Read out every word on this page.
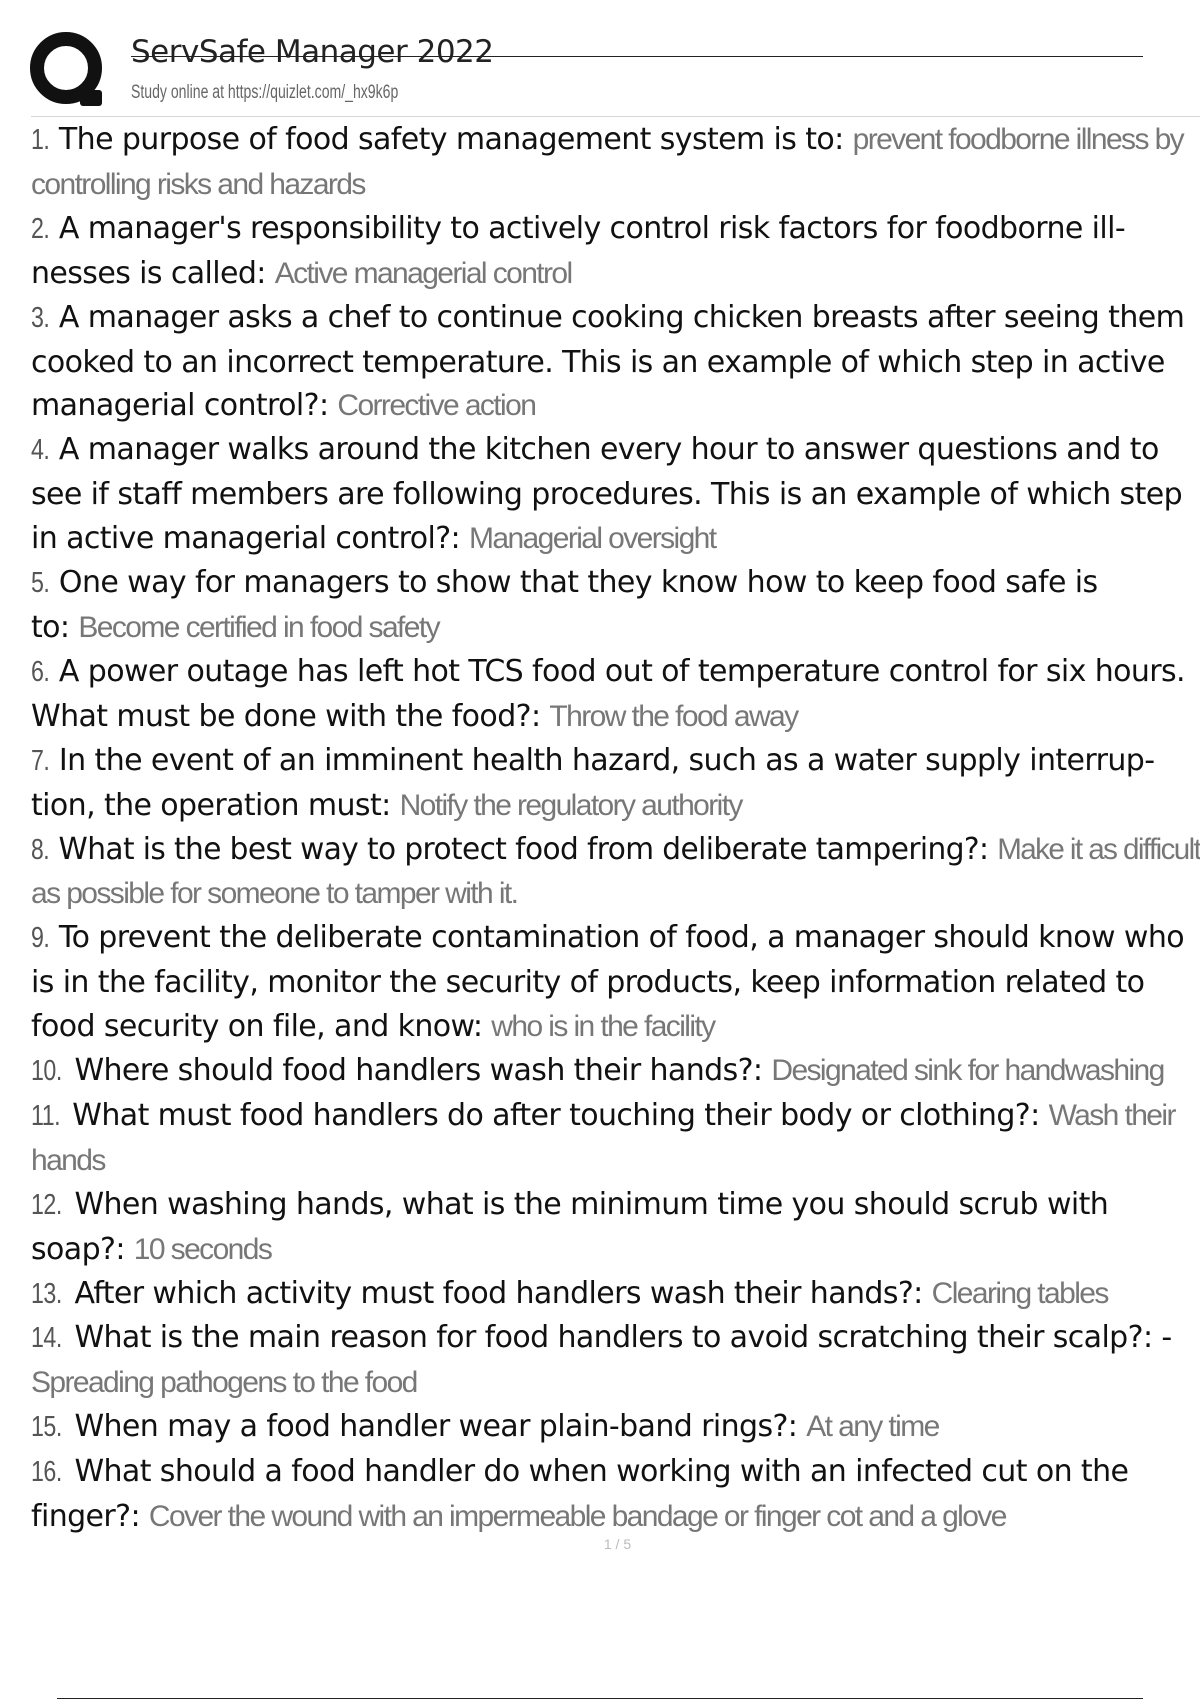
ServSafe Manager 2022
Study online at https://quizlet.com/_hx9k6p
1. The purpose of food safety management system is to: prevent foodborne illness by
controlling risks and hazards
2. A manager's responsibility to actively control risk factors for foodborne ill-
nesses is called: Active managerial control
3. A manager asks a chef to continue cooking chicken breasts after seeing them
cooked to an incorrect temperature. This is an example of which step in active
managerial control?: Corrective action
4. A manager walks around the kitchen every hour to answer questions and to
see if staff members are following procedures. This is an example of which step
in active managerial control?: Managerial oversight
5. One way for managers to show that they know how to keep food safe is
to: Become certified in food safety
6. A power outage has left hot TCS food out of temperature control for six hours.
What must be done with the food?: Throw the food away
7. In the event of an imminent health hazard, such as a water supply interrup-
tion, the operation must: Notify the regulatory authority
8. What is the best way to protect food from deliberate tampering?: Make it as difficult
as possible for someone to tamper with it.
9. To prevent the deliberate contamination of food, a manager should know who
is in the facility, monitor the security of products, keep information related to
food security on file, and know: who is in the facility
10. Where should food handlers wash their hands?: Designated sink for handwashing
11. What must food handlers do after touching their body or clothing?: Wash their
hands
12. When washing hands, what is the minimum time you should scrub with
soap?: 10 seconds
13. After which activity must food handlers wash their hands?: Clearing tables
14. What is the main reason for food handlers to avoid scratching their scalp?: -
Spreading pathogens to the food
15. When may a food handler wear plain-band rings?: At any time
16. What should a food handler do when working with an infected cut on the
finger?: Cover the wound with an impermeable bandage or finger cot and a glove
1 / 5
